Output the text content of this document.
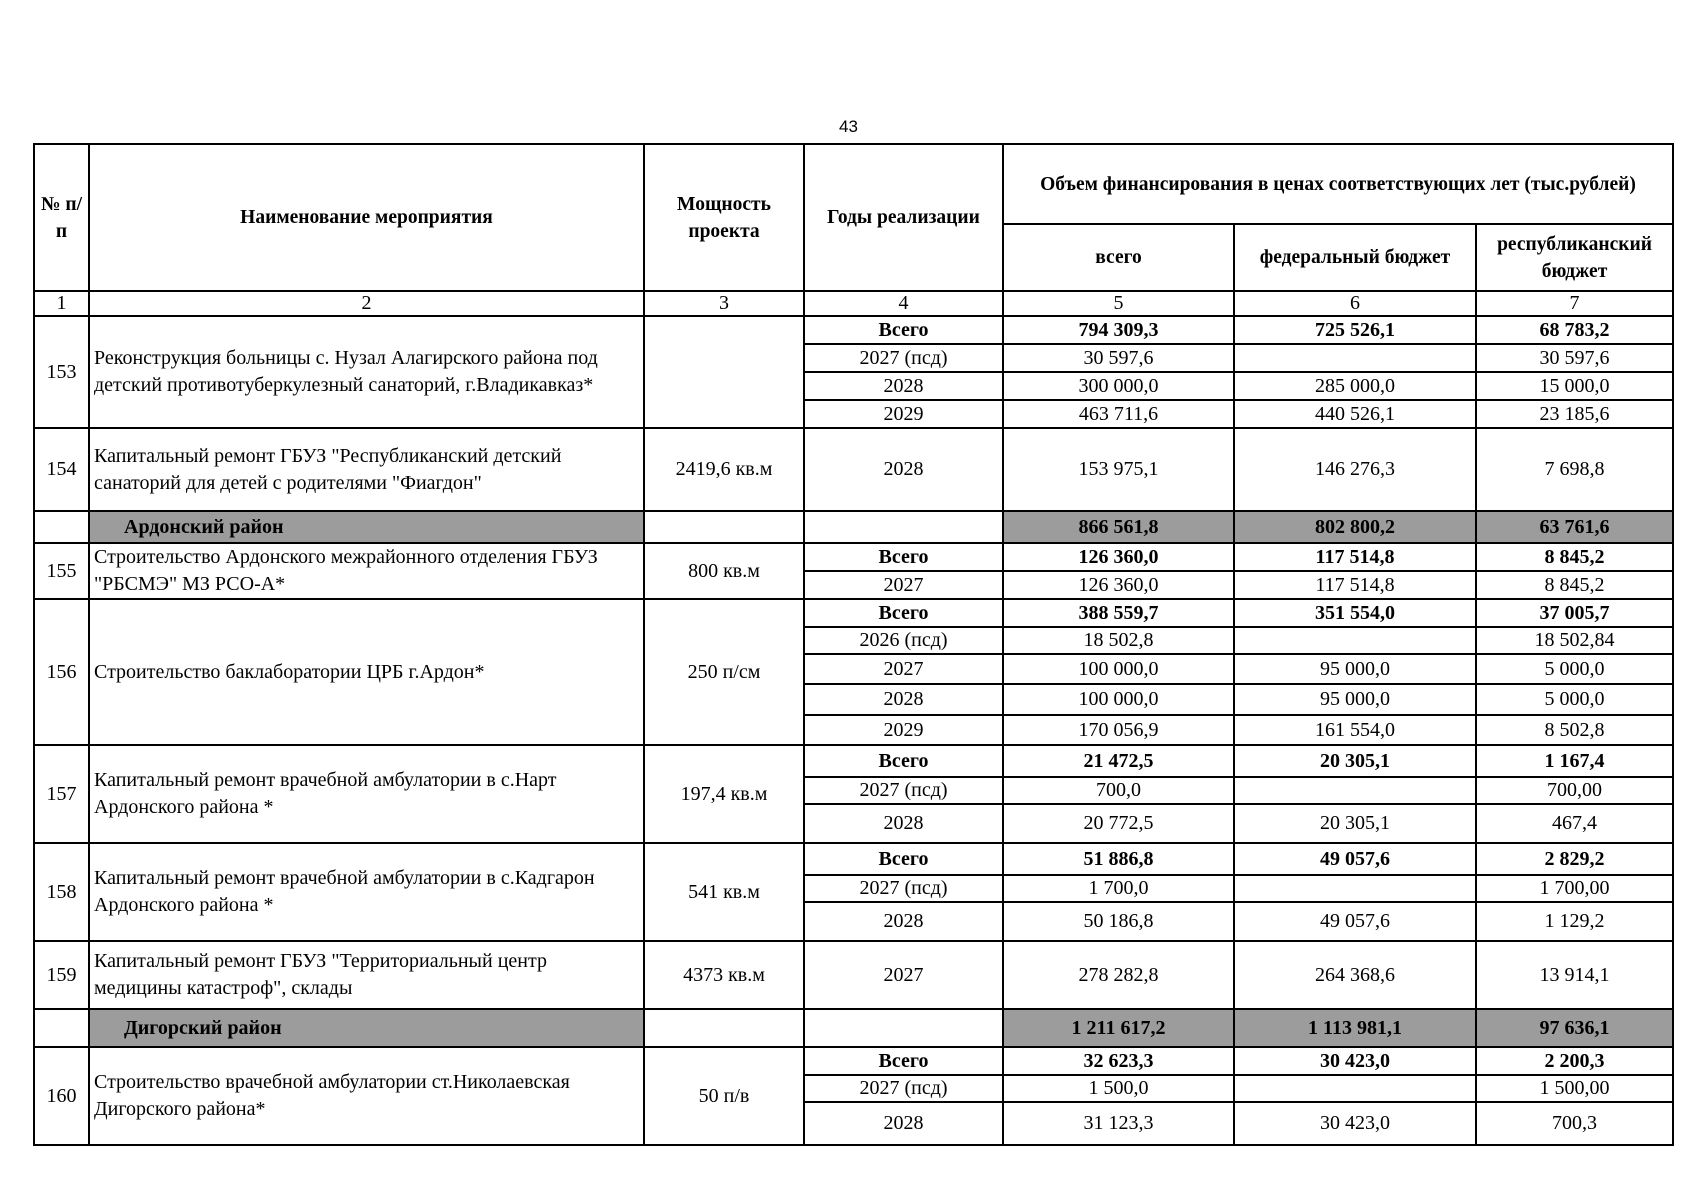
43
№ п/п	Наименование мероприятия	Мощность проекта	Годы реализации	Объем финансирования в ценах соответствующих лет (тыс.рублей)		
				всего	федеральный бюджет	республиканский бюджет
1	2	3	4	5	6	7
153	Реконструкция больницы с. Нузал Алагирского района под детский противотуберкулезный санаторий, г.Владикавказ*		Всего	794 309,3	725 526,1	68 783,2
			2027 (псд)	30 597,6		30 597,6
			2028	300 000,0	285 000,0	15 000,0
			2029	463 711,6	440 526,1	23 185,6
154	Капитальный ремонт ГБУЗ "Республиканский детский санаторий для детей с родителями "Фиагдон"	2419,6 кв.м	2028	153 975,1	146 276,3	7 698,8
	Ардонский район			866 561,8	802 800,2	63 761,6
155	Строительство Ардонского межрайонного отделения ГБУЗ "РБСМЭ" МЗ РСО-А*	800 кв.м	Всего	126 360,0	117 514,8	8 845,2
			2027	126 360,0	117 514,8	8 845,2
156	Строительство баклаборатории ЦРБ г.Ардон*	250 п/см	Всего	388 559,7	351 554,0	37 005,7
			2026 (псд)	18 502,8		18 502,84
			2027	100 000,0	95 000,0	5 000,0
			2028	100 000,0	95 000,0	5 000,0
			2029	170 056,9	161 554,0	8 502,8
157	Капитальный ремонт врачебной амбулатории в с.Нарт Ардонского района *	197,4 кв.м	Всего	21 472,5	20 305,1	1 167,4
			2027 (псд)	700,0		700,00
			2028	20 772,5	20 305,1	467,4
158	Капитальный ремонт врачебной амбулатории в с.Кадгарон Ардонского района *	541 кв.м	Всего	51 886,8	49 057,6	2 829,2
			2027 (псд)	1 700,0		1 700,00
			2028	50 186,8	49 057,6	1 129,2
159	Капитальный ремонт ГБУЗ "Территориальный центр медицины катастроф", склады	4373 кв.м	2027	278 282,8	264 368,6	13 914,1
	Дигорский район			1 211 617,2	1 113 981,1	97 636,1
160	Строительство врачебной амбулатории ст.Николаевская Дигорского района*	50 п/в	Всего	32 623,3	30 423,0	2 200,3
			2027 (псд)	1 500,0		1 500,00
			2028	31 123,3	30 423,0	700,3
